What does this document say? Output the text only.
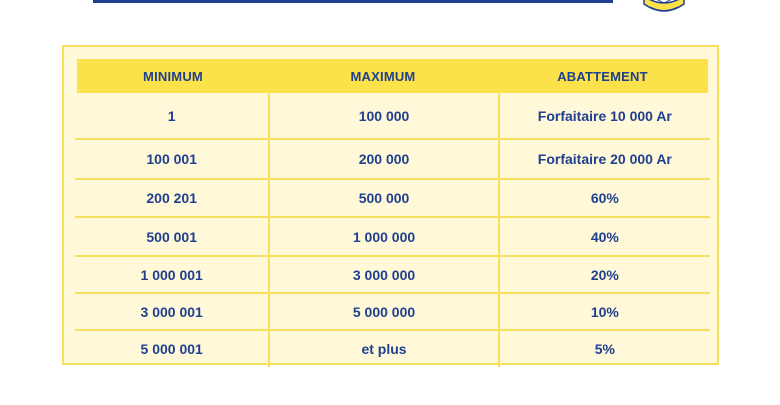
MINIMUM	MAXIMUM	ABATTEMENT
1	100 000	Forfaitaire 10 000 Ar
100 001	200 000	Forfaitaire 20 000 Ar
200 201	500 000	60%
500 001	1 000 000	40%
1 000 001	3 000 000	20%
3 000 001	5 000 000	10%
5 000 001	et plus	5%
